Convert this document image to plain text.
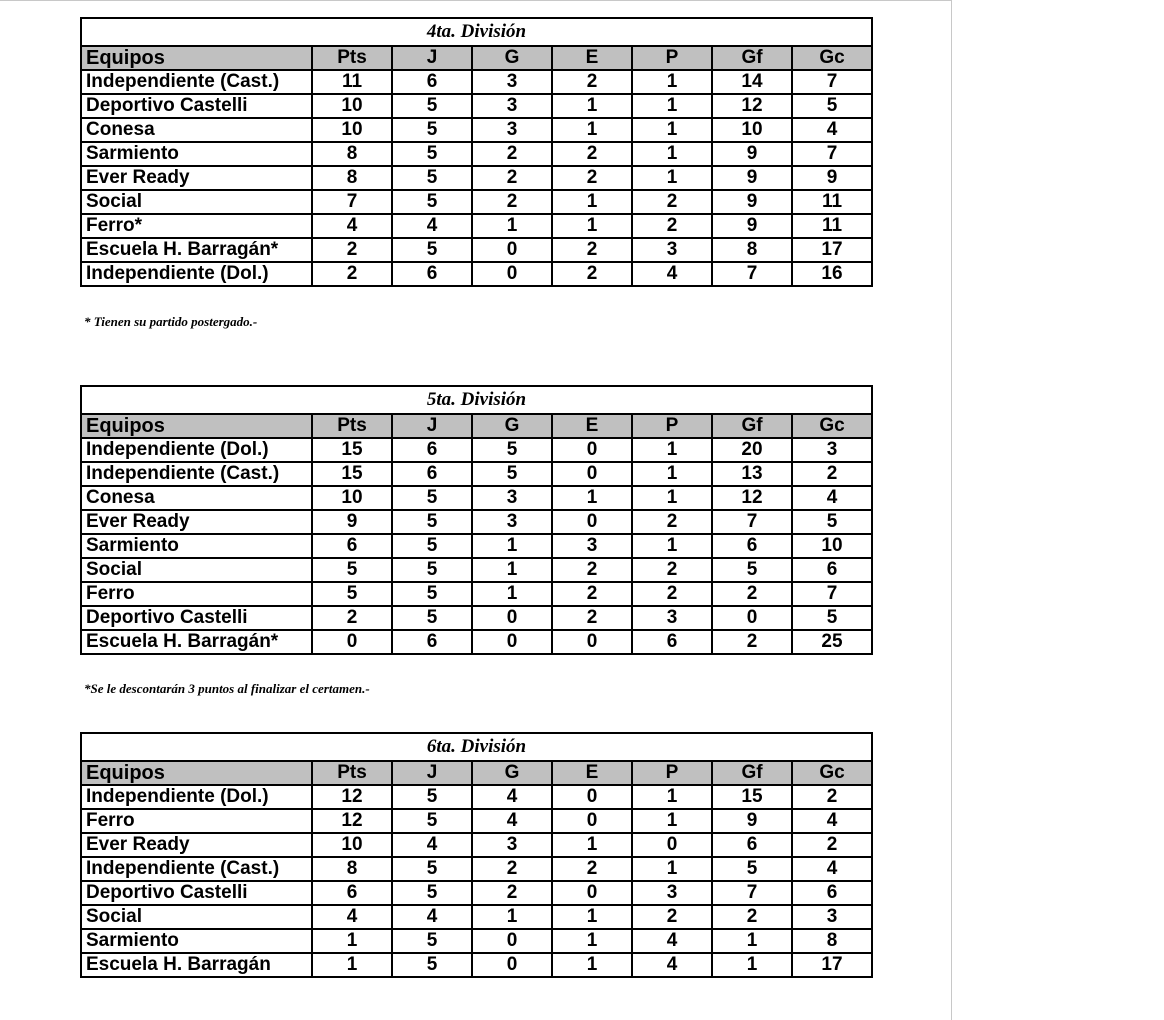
4ta. División							
Equipos	Pts	J	G	E	P	Gf	Gc
Independiente (Cast.)	11	6	3	2	1	14	7
Deportivo Castelli	10	5	3	1	1	12	5
Conesa	10	5	3	1	1	10	4
Sarmiento	8	5	2	2	1	9	7
Ever Ready	8	5	2	2	1	9	9
Social	7	5	2	1	2	9	11
Ferro*	4	4	1	1	2	9	11
Escuela H. Barragán*	2	5	0	2	3	8	17
Independiente (Dol.)	2	6	0	2	4	7	16
* Tienen su partido postergado.-
5ta. División							
Equipos	Pts	J	G	E	P	Gf	Gc
Independiente (Dol.)	15	6	5	0	1	20	3
Independiente (Cast.)	15	6	5	0	1	13	2
Conesa	10	5	3	1	1	12	4
Ever Ready	9	5	3	0	2	7	5
Sarmiento	6	5	1	3	1	6	10
Social	5	5	1	2	2	5	6
Ferro	5	5	1	2	2	2	7
Deportivo Castelli	2	5	0	2	3	0	5
Escuela H. Barragán*	0	6	0	0	6	2	25
*Se le descontarán 3 puntos al finalizar el certamen.-
6ta. División							
Equipos	Pts	J	G	E	P	Gf	Gc
Independiente (Dol.)	12	5	4	0	1	15	2
Ferro	12	5	4	0	1	9	4
Ever Ready	10	4	3	1	0	6	2
Independiente (Cast.)	8	5	2	2	1	5	4
Deportivo Castelli	6	5	2	0	3	7	6
Social	4	4	1	1	2	2	3
Sarmiento	1	5	0	1	4	1	8
Escuela H. Barragán	1	5	0	1	4	1	17
